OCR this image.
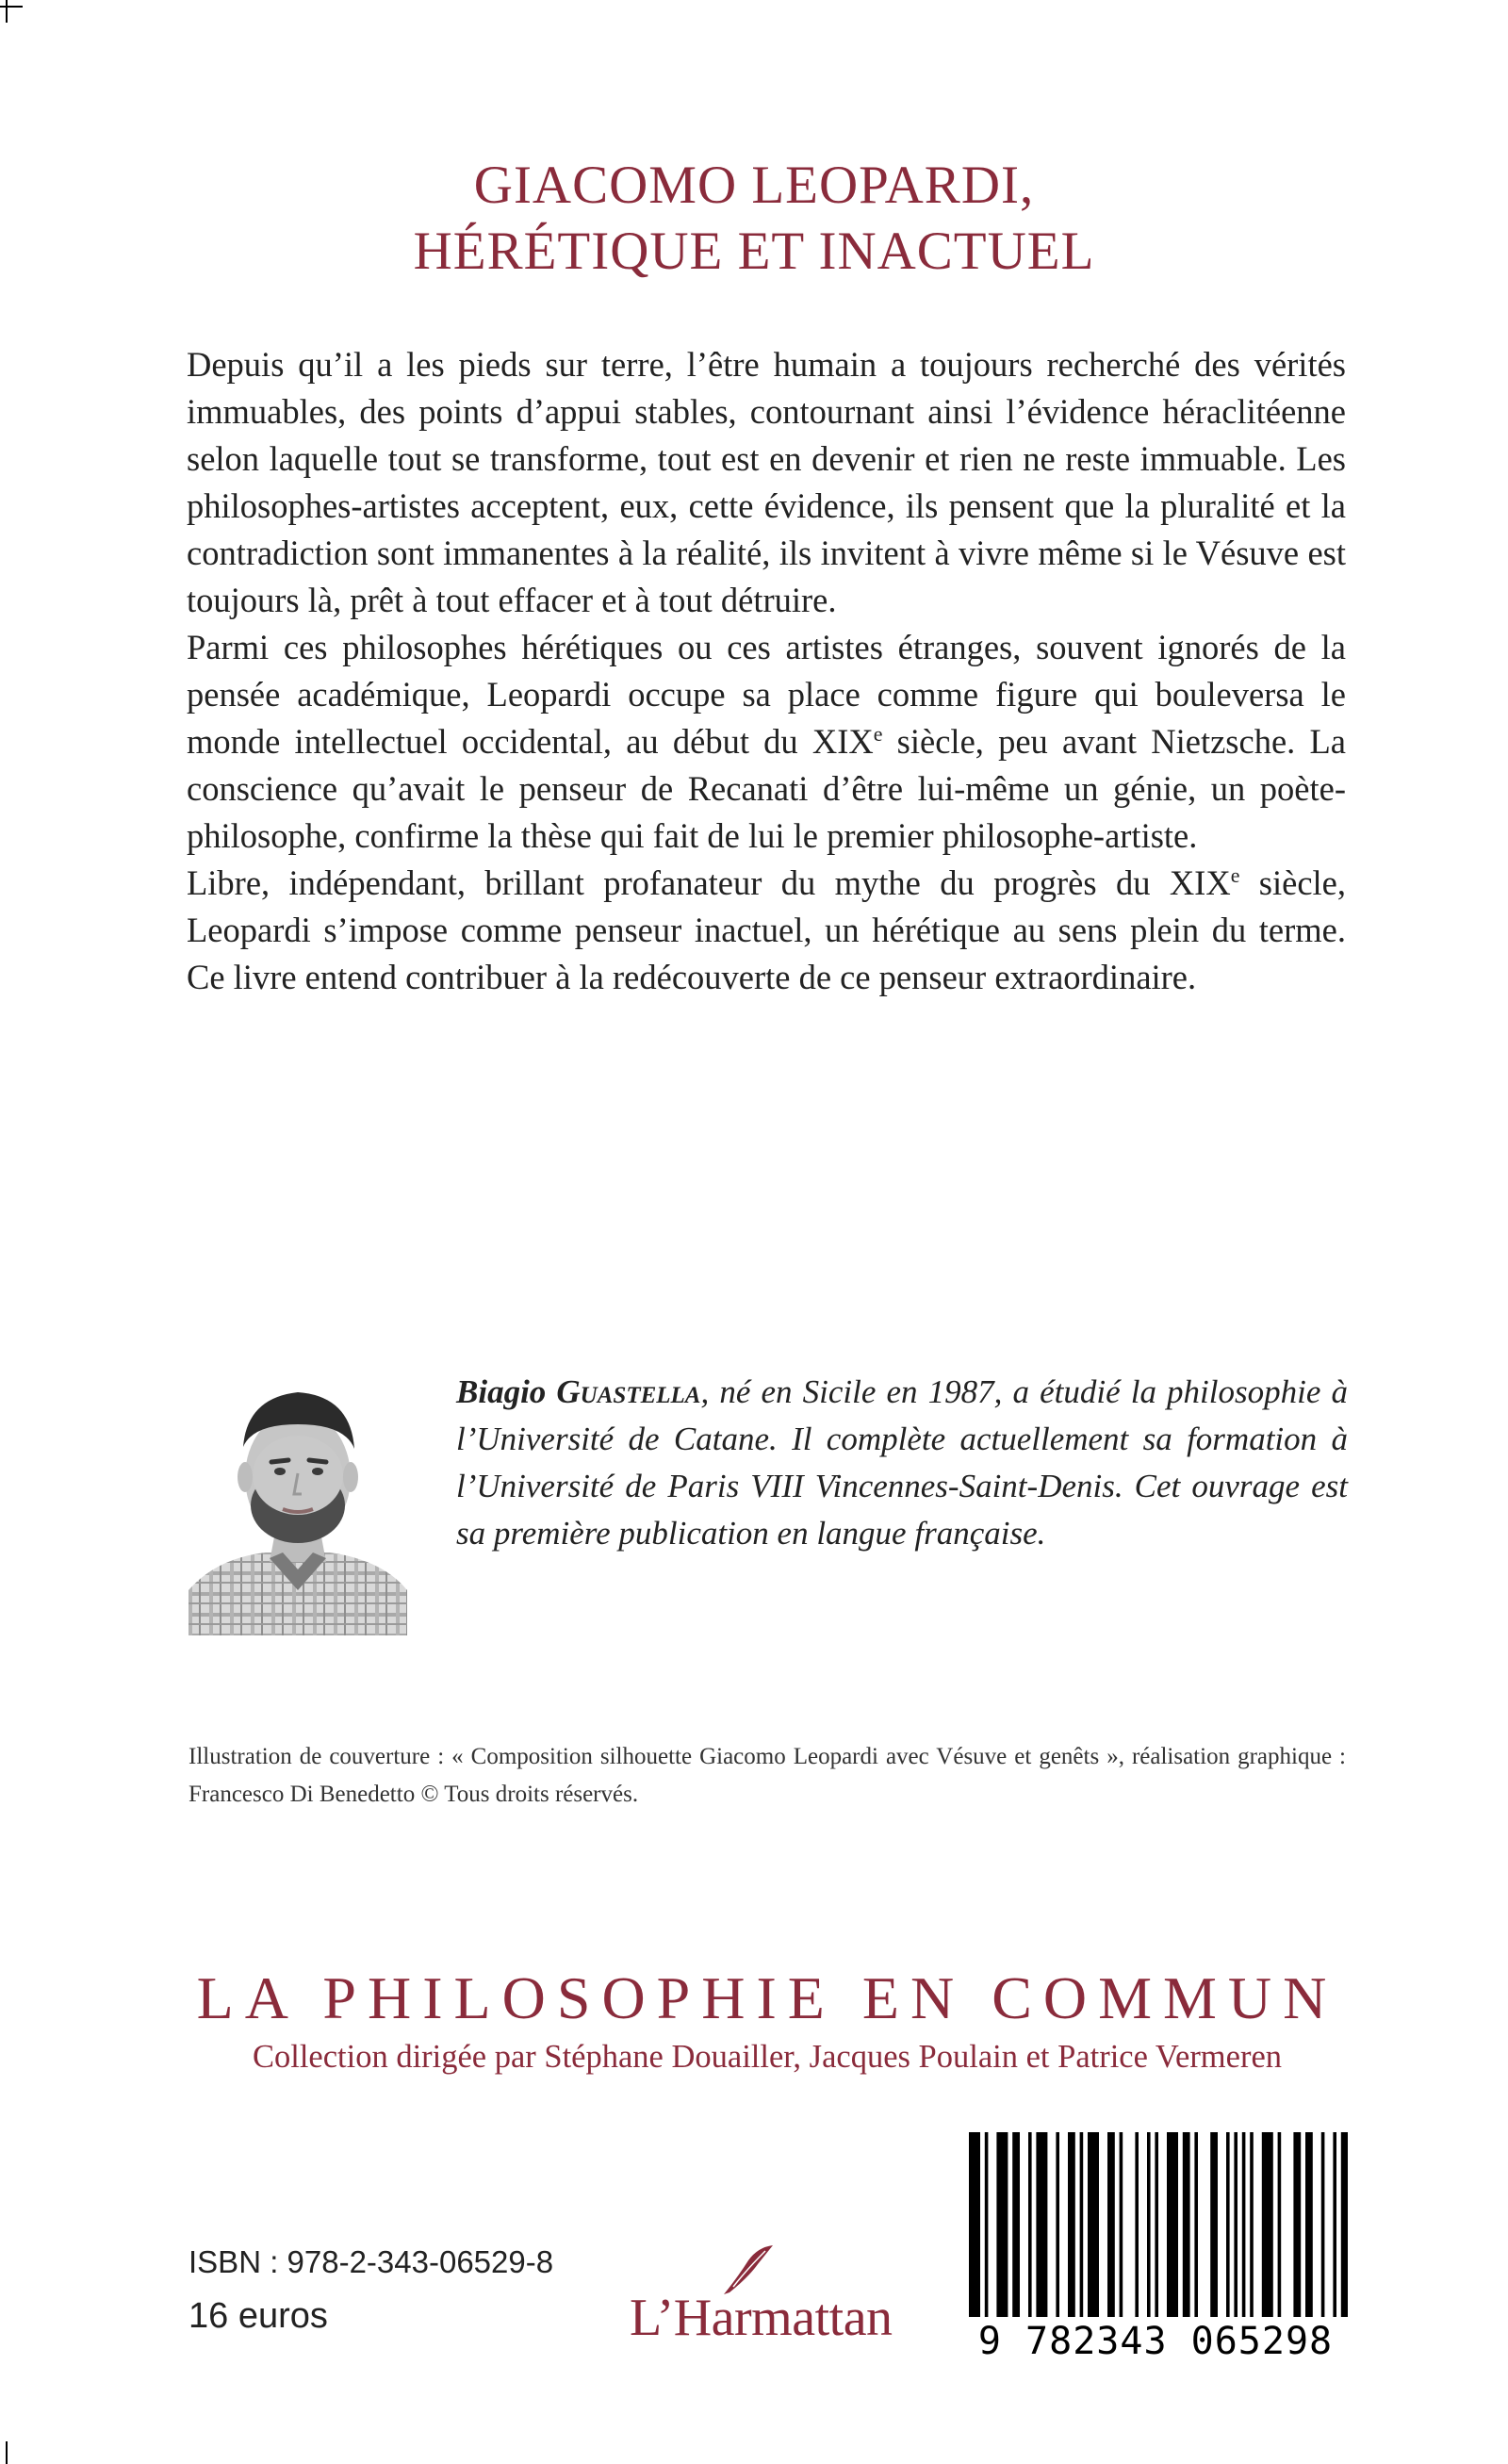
GIACOMO LEOPARDI,
HÉRÉTIQUE ET INACTUEL

Depuis qu’il a les pieds sur terre, l’être humain a toujours recherché des vérités immuables, des points d’appui stables, contournant ainsi l’évidence héraclitéenne selon laquelle tout se transforme, tout est en devenir et rien ne reste immuable. Les philosophes-artistes acceptent, eux, cette évidence, ils pensent que la pluralité et la contradiction sont immanentes à la réalité, ils invitent à vivre même si le Vésuve est toujours là, prêt à tout effacer et à tout détruire.

Parmi ces philosophes hérétiques ou ces artistes étranges, souvent ignorés de la pensée académique, Leopardi occupe sa place comme figure qui bouleversa le monde intellectuel occidental, au début du XIXe siècle, peu avant Nietzsche. La conscience qu’avait le penseur de Recanati d’être lui-même un génie, un poète-philosophe, confirme la thèse qui fait de lui le premier philosophe-artiste.

Libre, indépendant, brillant profanateur du mythe du progrès du XIXe siècle, Leopardi s’impose comme penseur inactuel, un hérétique au sens plein du terme. Ce livre entend contribuer à la redécouverte de ce penseur extraordinaire.

Biagio Guastella, né en Sicile en 1987, a étudié la philosophie à l’Université de Catane. Il complète actuellement sa formation à l’Université de Paris VIII Vincennes-Saint-Denis. Cet ouvrage est sa première publication en langue française.
Illustration de couverture : « Composition silhouette Giacomo Leopardi avec Vésuve et genêts », réalisation graphique : Francesco Di Benedetto © Tous droits réservés.
LA PHILOSOPHIE EN COMMUN
Collection dirigée par Stéphane Douailler, Jacques Poulain et Patrice Vermeren
ISBN : 978-2-343-06529-8
16 euros	L’Harmattan	9 782343 065298
